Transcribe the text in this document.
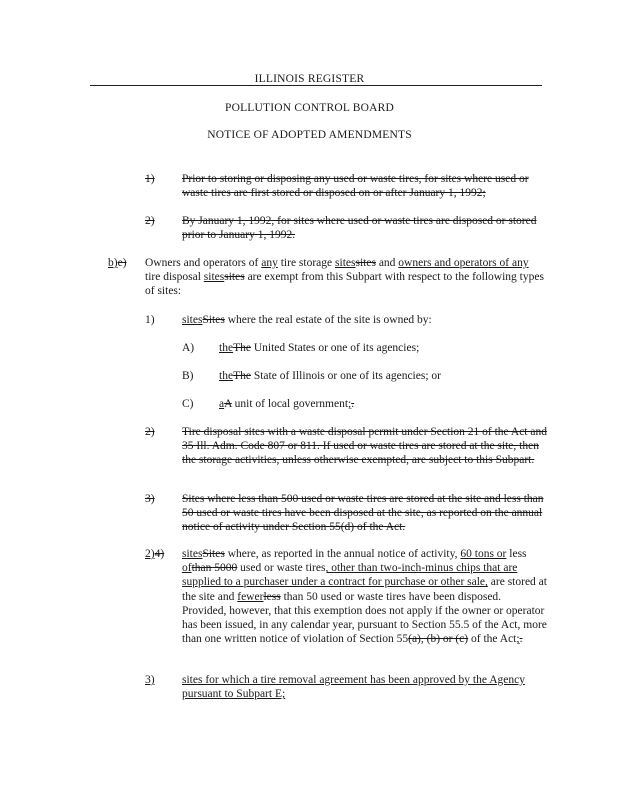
ILLINOIS REGISTER
POLLUTION CONTROL BOARD
NOTICE OF ADOPTED AMENDMENTS
1) Prior to storing or disposing any used or waste tires, for sites where used or waste tires are first stored or disposed on or after January 1, 1992;
2) By January 1, 1992, for sites where used or waste tires are disposed or stored prior to January 1, 1992.
b)e) Owners and operators of any tire storage sitessites and owners and operators of any tire disposal sitessites are exempt from this Subpart with respect to the following types of sites:
1) sitesSites where the real estate of the site is owned by:
A) theThe United States or one of its agencies;
B) theThe State of Illinois or one of its agencies; or
C) aA unit of local government;.
2) Tire disposal sites with a waste disposal permit under Section 21 of the Act and 35 Ill. Adm. Code 807 or 811. If used or waste tires are stored at the site, then the storage activities, unless otherwise exempted, are subject to this Subpart.
3) Sites where less than 500 used or waste tires are stored at the site and less than 50 used or waste tires have been disposed at the site, as reported on the annual notice of activity under Section 55(d) of the Act.
2)4) sitesSites where, as reported in the annual notice of activity, 60 tons or less ofthan 5000 used or waste tires, other than two-inch-minus chips that are supplied to a purchaser under a contract for purchase or other sale, are stored at the site and fewerless than 50 used or waste tires have been disposed. Provided, however, that this exemption does not apply if the owner or operator has been issued, in any calendar year, pursuant to Section 55.5 of the Act, more than one written notice of violation of Section 55(a), (b) or (c) of the Act;.
3) sites for which a tire removal agreement has been approved by the Agency pursuant to Subpart E;
